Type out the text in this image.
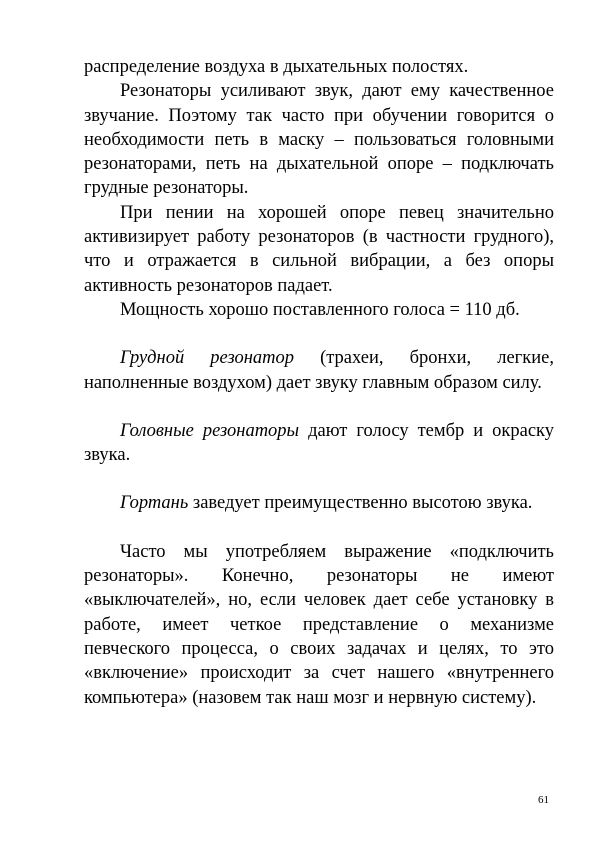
распределение воздуха в дыхательных полостях.

Резонаторы усиливают звук, дают ему качественное звучание. Поэтому так часто при обучении говорится о необходимости петь в маску – пользоваться головными резонаторами, петь на дыхательной опоре – подключать грудные резонаторы.

При пении на хорошей опоре певец значительно активизирует работу резонаторов (в частности грудного), что и отражается в сильной вибрации, а без опоры активность резонаторов падает.

Мощность хорошо поставленного голоса = 110 дб.

Грудной резонатор (трахеи, бронхи, легкие, наполненные воздухом) дает звуку главным образом силу.

Головные резонаторы дают голосу тембр и окраску звука.

Гортань заведует преимущественно высотою звука.

Часто мы употребляем выражение «подключить резонаторы». Конечно, резонаторы не имеют «выключателей», но, если человек дает себе установку в работе, имеет четкое представление о механизме певческого процесса, о своих задачах и целях, то это «включение» происходит за счет нашего «внутреннего компьютера» (назовем так наш мозг и нервную систему).

61
